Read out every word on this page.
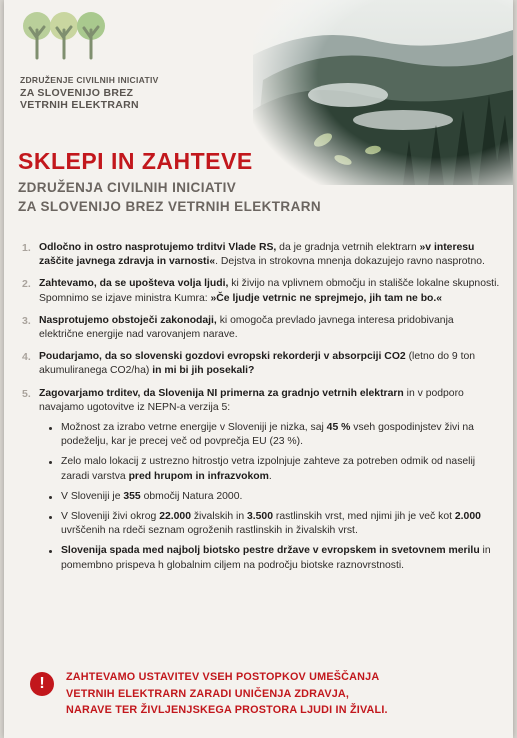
ZDRUŽENJE CIVILNIH INICIATIV
ZA SLOVENIJO BREZ
VETRNIH ELEKTRARN
SKLEPI IN ZAHTEVE
ZDRUŽENJA CIVILNIH INICIATIV
ZA SLOVENIJO BREZ VETRNIH ELEKTRARN
1. Odločno in ostro nasprotujemo trditvi Vlade RS, da je gradnja vetrnih elektrarn »v interesu zaščite javnega zdravja in varnosti«. Dejstva in strokovna mnenja dokazujejo ravno nasprotno.
2. Zahtevamo, da se upošteva volja ljudi, ki živijo na vplivnem območju in stališče lokalne skupnosti. Spomnimo se izjave ministra Kumra: »Če ljudje vetrnic ne sprejmejo, jih tam ne bo.«
3. Nasprotujemo obstoječi zakonodaji, ki omogoča prevlado javnega interesa pridobivanja električne energije nad varovanjem narave.
4. Poudarjamo, da so slovenski gozdovi evropski rekorderji v absorpciji CO2 (letno do 9 ton akumuliranega CO2/ha) in mi bi jih posekali?
5. Zagovarjamo trditev, da Slovenija NI primerna za gradnjo vetrnih elektrarn in v podporo navajamo ugotovitve iz NEPN-a verzija 5:
Možnost za izrabo vetrne energije v Sloveniji je nizka, saj 45 % vseh gospodinjstev živi na podeželju, kar je precej več od povprečja EU (23 %).
Zelo malo lokacij z ustrezno hitrostjo vetra izpolnjuje zahteve za potreben odmik od naselij zaradi varstva pred hrupom in infrazvokom.
V Sloveniji je 355 območij Natura 2000.
V Sloveniji živi okrog 22.000 živalskih in 3.500 rastlinskih vrst, med njimi jih je več kot 2.000 uvrščenih na rdeči seznam ogroženih rastlinskih in živalskih vrst.
Slovenija spada med najbolj biotsko pestre države v evropskem in svetovnem merilu in pomembno prispeva h globalnim ciljem na področju biotske raznovrstnosti.
!	ZAHTEVAMO USTAVITEV VSEH POSTOPKOV UMEŠČANJA
VETRNIH ELEKTRARN ZARADI UNIČENJA ZDRAVJA,
NARAVE TER ŽIVLJENJSKEGA PROSTORA LJUDI IN ŽIVALI.
